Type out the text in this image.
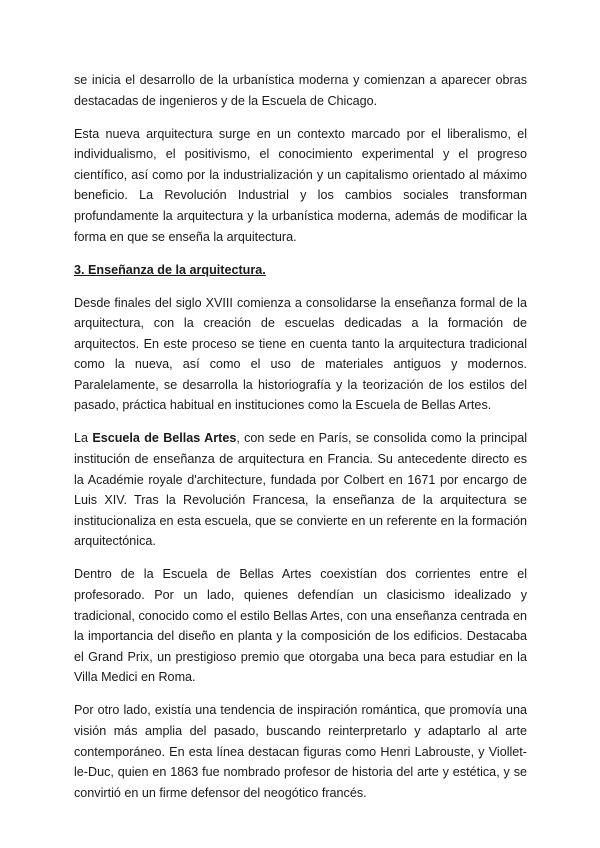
se inicia el desarrollo de la urbanística moderna y comienzan a aparecer obras destacadas de ingenieros y de la Escuela de Chicago.

Esta nueva arquitectura surge en un contexto marcado por el liberalismo, el individualismo, el positivismo, el conocimiento experimental y el progreso científico, así como por la industrialización y un capitalismo orientado al máximo beneficio. La Revolución Industrial y los cambios sociales transforman profundamente la arquitectura y la urbanística moderna, además de modificar la forma en que se enseña la arquitectura.

3. Enseñanza de la arquitectura.

Desde finales del siglo XVIII comienza a consolidarse la enseñanza formal de la arquitectura, con la creación de escuelas dedicadas a la formación de arquitectos. En este proceso se tiene en cuenta tanto la arquitectura tradicional como la nueva, así como el uso de materiales antiguos y modernos. Paralelamente, se desarrolla la historiografía y la teorización de los estilos del pasado, práctica habitual en instituciones como la Escuela de Bellas Artes.

La Escuela de Bellas Artes, con sede en París, se consolida como la principal institución de enseñanza de arquitectura en Francia. Su antecedente directo es la Académie royale d'architecture, fundada por Colbert en 1671 por encargo de Luis XIV. Tras la Revolución Francesa, la enseñanza de la arquitectura se institucionaliza en esta escuela, que se convierte en un referente en la formación arquitectónica.

Dentro de la Escuela de Bellas Artes coexistían dos corrientes entre el profesorado. Por un lado, quienes defendían un clasicismo idealizado y tradicional, conocido como el estilo Bellas Artes, con una enseñanza centrada en la importancia del diseño en planta y la composición de los edificios. Destacaba el Grand Prix, un prestigioso premio que otorgaba una beca para estudiar en la Villa Medici en Roma.

Por otro lado, existía una tendencia de inspiración romántica, que promovía una visión más amplia del pasado, buscando reinterpretarlo y adaptarlo al arte contemporáneo. En esta línea destacan figuras como Henri Labrouste, y Viollet-le-Duc, quien en 1863 fue nombrado profesor de historia del arte y estética, y se convirtió en un firme defensor del neogótico francés.
